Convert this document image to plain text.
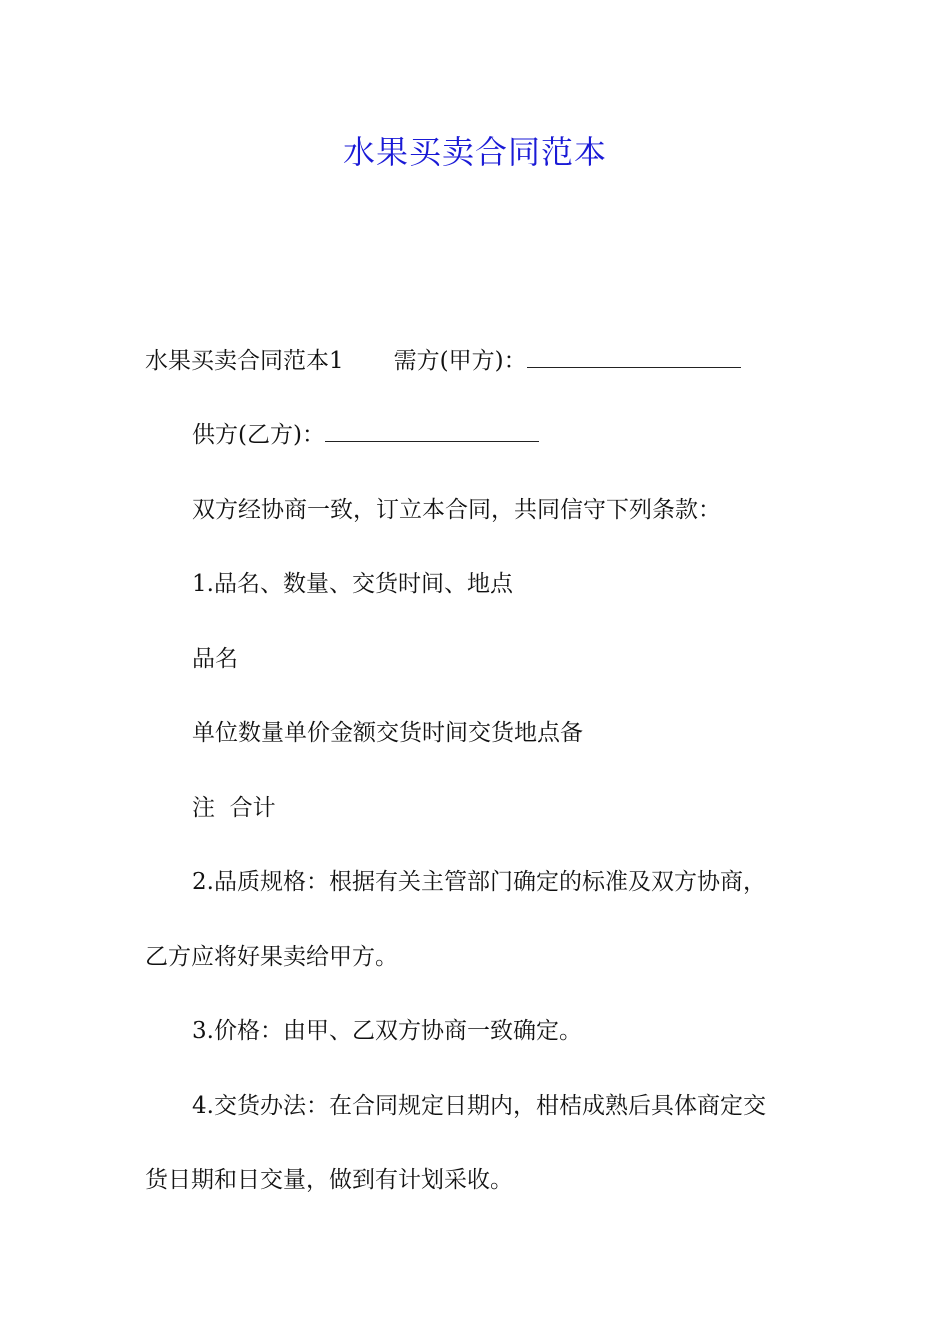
水果买卖合同范本
水果买卖合同范本1 需方(甲方)：
供方(乙方)：
双方经协商一致，订立本合同，共同信守下列条款：
1.品名、数量、交货时间、地点
品名
单位数量单价金额交货时间交货地点备
注  合计
2.品质规格：根据有关主管部门确定的标准及双方协商，
乙方应将好果卖给甲方。
3.价格：由甲、乙双方协商一致确定。
4.交货办法：在合同规定日期内，柑桔成熟后具体商定交
货日期和日交量，做到有计划采收。
